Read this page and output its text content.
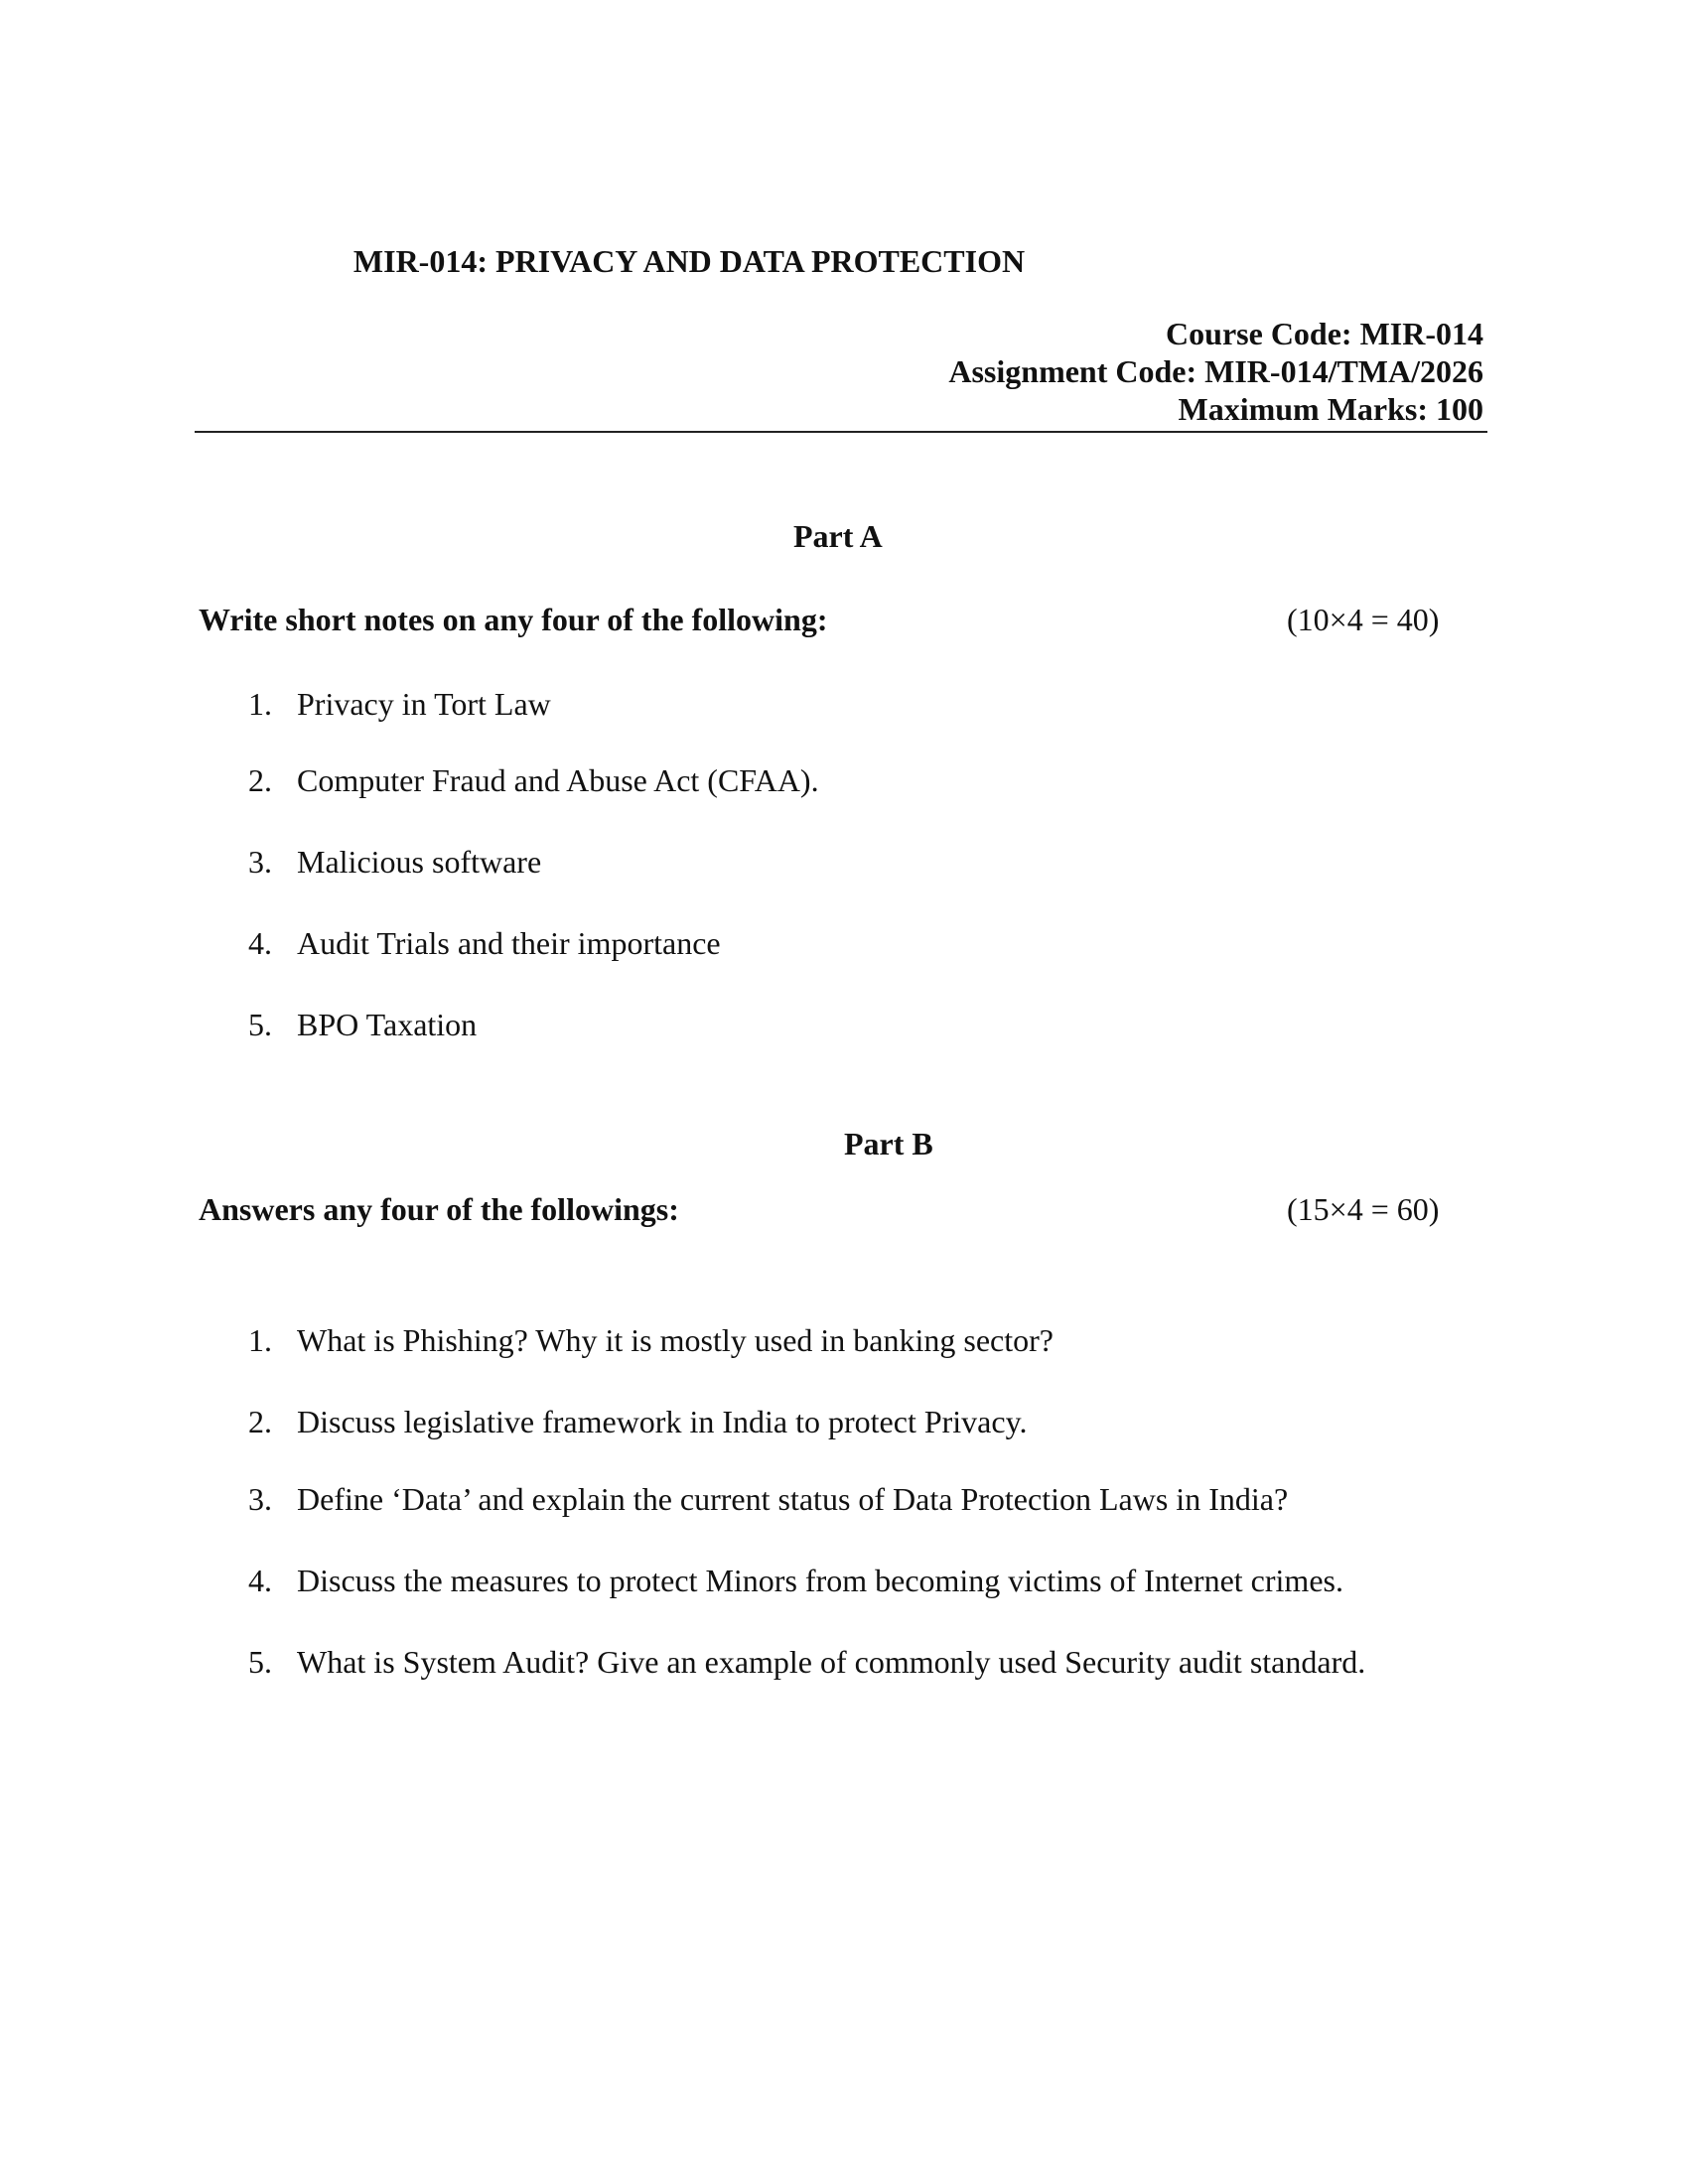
MIR-014: PRIVACY AND DATA PROTECTION
Course Code: MIR-014
Assignment Code: MIR-014/TMA/2026
Maximum Marks: 100
Part A
Write short notes on any four of the following:	(10×4 = 40)
1. Privacy in Tort Law
2. Computer Fraud and Abuse Act (CFAA).
3. Malicious software
4. Audit Trials and their importance
5. BPO Taxation
Part B
Answers any four of the followings:	(15×4 = 60)
1. What is Phishing? Why it is mostly used in banking sector?
2. Discuss legislative framework in India to protect Privacy.
3. Define ‘Data’ and explain the current status of Data Protection Laws in India?
4. Discuss the measures to protect Minors from becoming victims of Internet crimes.
5. What is System Audit? Give an example of commonly used Security audit standard.
